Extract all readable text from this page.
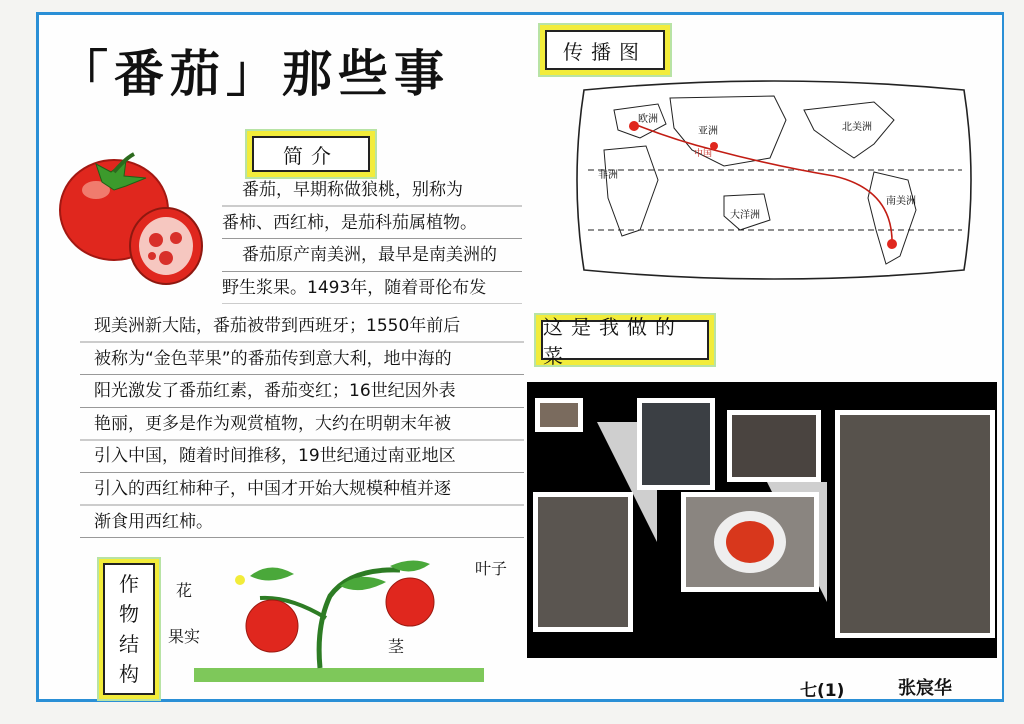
「番茄」那些事
简介
番茄，早期称做狼桃，别称为
番柿、西红柿，是茄科茄属植物。
番茄原产南美洲，最早是南美洲的
野生浆果。1493年，随着哥伦布发
现美洲新大陆，番茄被带到西班牙；1550年前后
被称为“金色苹果”的番茄传到意大利，地中海的
阳光激发了番茄红素，番茄变红；16世纪因外表
艳丽，更多是作为观赏植物，大约在明朝末年被
引入中国，随着时间推移，19世纪通过南亚地区
引入的西红柿种子，中国才开始大规模种植并逐
渐食用西红柿。
传播图
欧洲
亚洲
中国
非洲
大洋洲
北美洲
南美洲
这是我做的菜
作
物
结
构
花
果实
叶子
茎
七(1)	张宸华
